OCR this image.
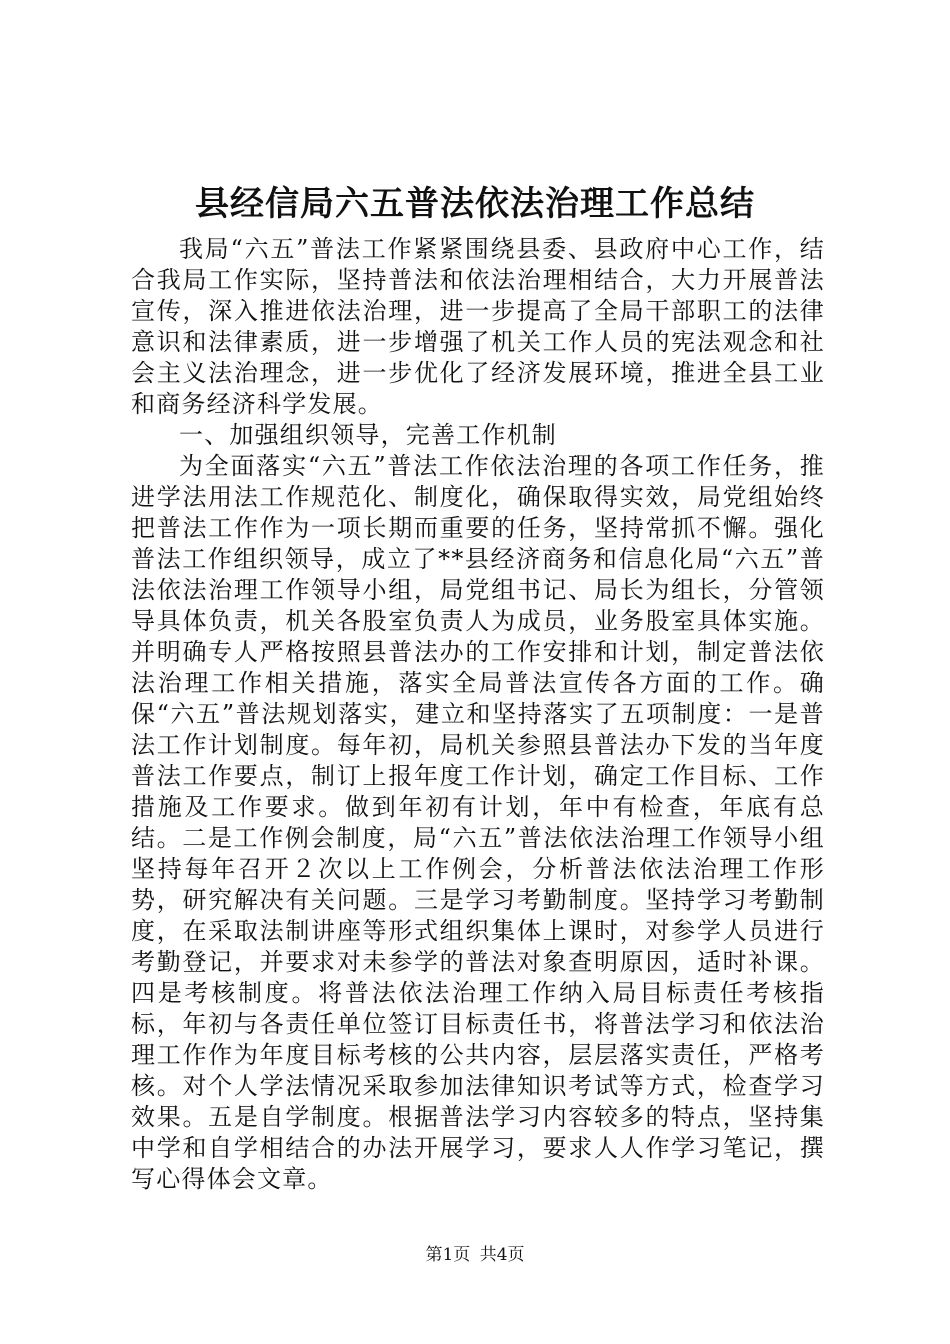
县经信局六五普法依法治理工作总结

我局“六五”普法工作紧紧围绕县委、县政府中心工作，结合我局工作实际，坚持普法和依法治理相结合，大力开展普法宣传，深入推进依法治理，进一步提高了全局干部职工的法律意识和法律素质，进一步增强了机关工作人员的宪法观念和社会主义法治理念，进一步优化了经济发展环境，推进全县工业和商务经济科学发展。

一、加强组织领导，完善工作机制

为全面落实“六五”普法工作依法治理的各项工作任务，推进学法用法工作规范化、制度化，确保取得实效，局党组始终把普法工作作为一项长期而重要的任务，坚持常抓不懈。强化普法工作组织领导，成立了**县经济商务和信息化局“六五”普法依法治理工作领导小组，局党组书记、局长为组长，分管领导具体负责，机关各股室负责人为成员，业务股室具体实施。并明确专人严格按照县普法办的工作安排和计划，制定普法依法治理工作相关措施，落实全局普法宣传各方面的工作。确保“六五”普法规划落实，建立和坚持落实了五项制度：一是普法工作计划制度。每年初，局机关参照县普法办下发的当年度普法工作要点，制订上报年度工作计划，确定工作目标、工作措施及工作要求。做到年初有计划，年中有检查，年底有总结。二是工作例会制度，局“六五”普法依法治理工作领导小组坚持每年召开２次以上工作例会，分析普法依法治理工作形势，研究解决有关问题。三是学习考勤制度。坚持学习考勤制度，在采取法制讲座等形式组织集体上课时，对参学人员进行考勤登记，并要求对未参学的普法对象查明原因，适时补课。四是考核制度。将普法依法治理工作纳入局目标责任考核指标，年初与各责任单位签订目标责任书，将普法学习和依法治理工作作为年度目标考核的公共内容，层层落实责任，严格考核。对个人学法情况采取参加法律知识考试等方式，检查学习效果。五是自学制度。根据普法学习内容较多的特点，坚持集中学和自学相结合的办法开展学习，要求人人作学习笔记，撰写心得体会文章。

第1页 共4页
